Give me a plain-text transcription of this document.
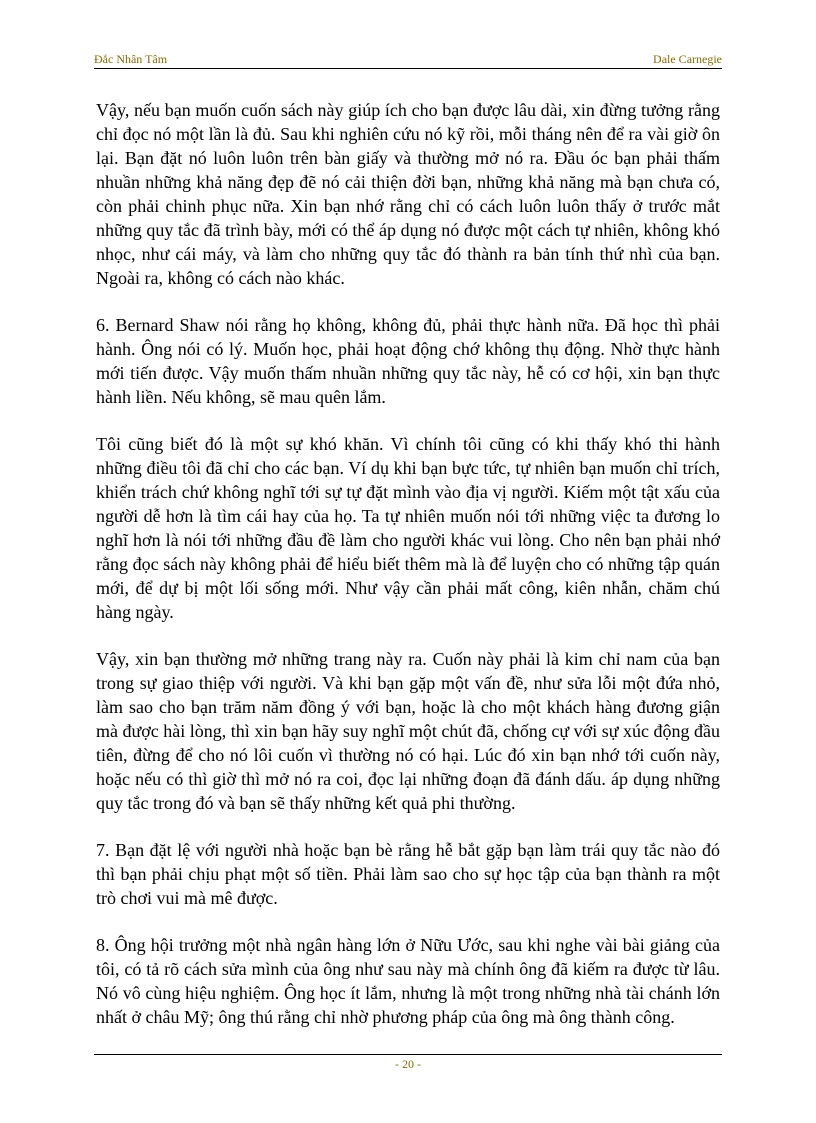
Đắc Nhân Tâm	Dale Carnegie

Vậy, nếu bạn muốn cuốn sách này giúp ích cho bạn được lâu dài, xin đừng tưởng rằng chỉ đọc nó một lần là đủ. Sau khi nghiên cứu nó kỹ rồi, mỗi tháng nên để ra vài giờ ôn lại. Bạn đặt nó luôn luôn trên bàn giấy và thường mở nó ra. Đầu óc bạn phải thấm nhuần những khả năng đẹp đẽ nó cải thiện đời bạn, những khả năng mà bạn chưa có, còn phải chinh phục nữa. Xin bạn nhớ rằng chỉ có cách luôn luôn thấy ở trước mắt những quy tắc đã trình bày, mới có thể áp dụng nó được một cách tự nhiên, không khó nhọc, như cái máy, và làm cho những quy tắc đó thành ra bản tính thứ nhì của bạn. Ngoài ra, không có cách nào khác.

6. Bernard Shaw nói rằng họ không, không đủ, phải thực hành nữa. Đã học thì phải hành. Ông nói có lý. Muốn học, phải hoạt động chớ không thụ động. Nhờ thực hành mới tiến được. Vậy muốn thấm nhuần những quy tắc này, hễ có cơ hội, xin bạn thực hành liền. Nếu không, sẽ mau quên lắm.

Tôi cũng biết đó là một sự khó khăn. Vì chính tôi cũng có khi thấy khó thi hành những điều tôi đã chỉ cho các bạn. Ví dụ khi bạn bực tức, tự nhiên bạn muốn chỉ trích, khiển trách chứ không nghĩ tới sự tự đặt mình vào địa vị người. Kiếm một tật xấu của người dễ hơn là tìm cái hay của họ. Ta tự nhiên muốn nói tới những việc ta đương lo nghĩ hơn là nói tới những đầu đề làm cho người khác vui lòng. Cho nên bạn phải nhớ rằng đọc sách này không phải để hiểu biết thêm mà là để luyện cho có những tập quán mới, để dự bị một lối sống mới. Như vậy cần phải mất công, kiên nhẫn, chăm chú hàng ngày.

Vậy, xin bạn thường mở những trang này ra. Cuốn này phải là kim chỉ nam của bạn trong sự giao thiệp với người. Và khi bạn gặp một vấn đề, như sửa lỗi một đứa nhỏ, làm sao cho bạn trăm năm đồng ý với bạn, hoặc là cho một khách hàng đương giận mà được hài lòng, thì xin bạn hãy suy nghĩ một chút đã, chống cự với sự xúc động đầu tiên, đừng để cho nó lôi cuốn vì thường nó có hại. Lúc đó xin bạn nhớ tới cuốn này, hoặc nếu có thì giờ thì mở nó ra coi, đọc lại những đoạn đã đánh dấu. áp dụng những quy tắc trong đó và bạn sẽ thấy những kết quả phi thường.

7. Bạn đặt lệ với người nhà hoặc bạn bè rằng hễ bắt gặp bạn làm trái quy tắc nào đó thì bạn phải chịu phạt một số tiền. Phải làm sao cho sự học tập của bạn thành ra một trò chơi vui mà mê được.

8. Ông hội trưởng một nhà ngân hàng lớn ở Nữu Ước, sau khi nghe vài bài giảng của tôi, có tả rõ cách sửa mình của ông như sau này mà chính ông đã kiếm ra được từ lâu. Nó vô cùng hiệu nghiệm. Ông học ít lắm, nhưng là một trong những nhà tài chánh lớn nhất ở châu Mỹ; ông thú rằng chỉ nhờ phương pháp của ông mà ông thành công.

- 20 -
